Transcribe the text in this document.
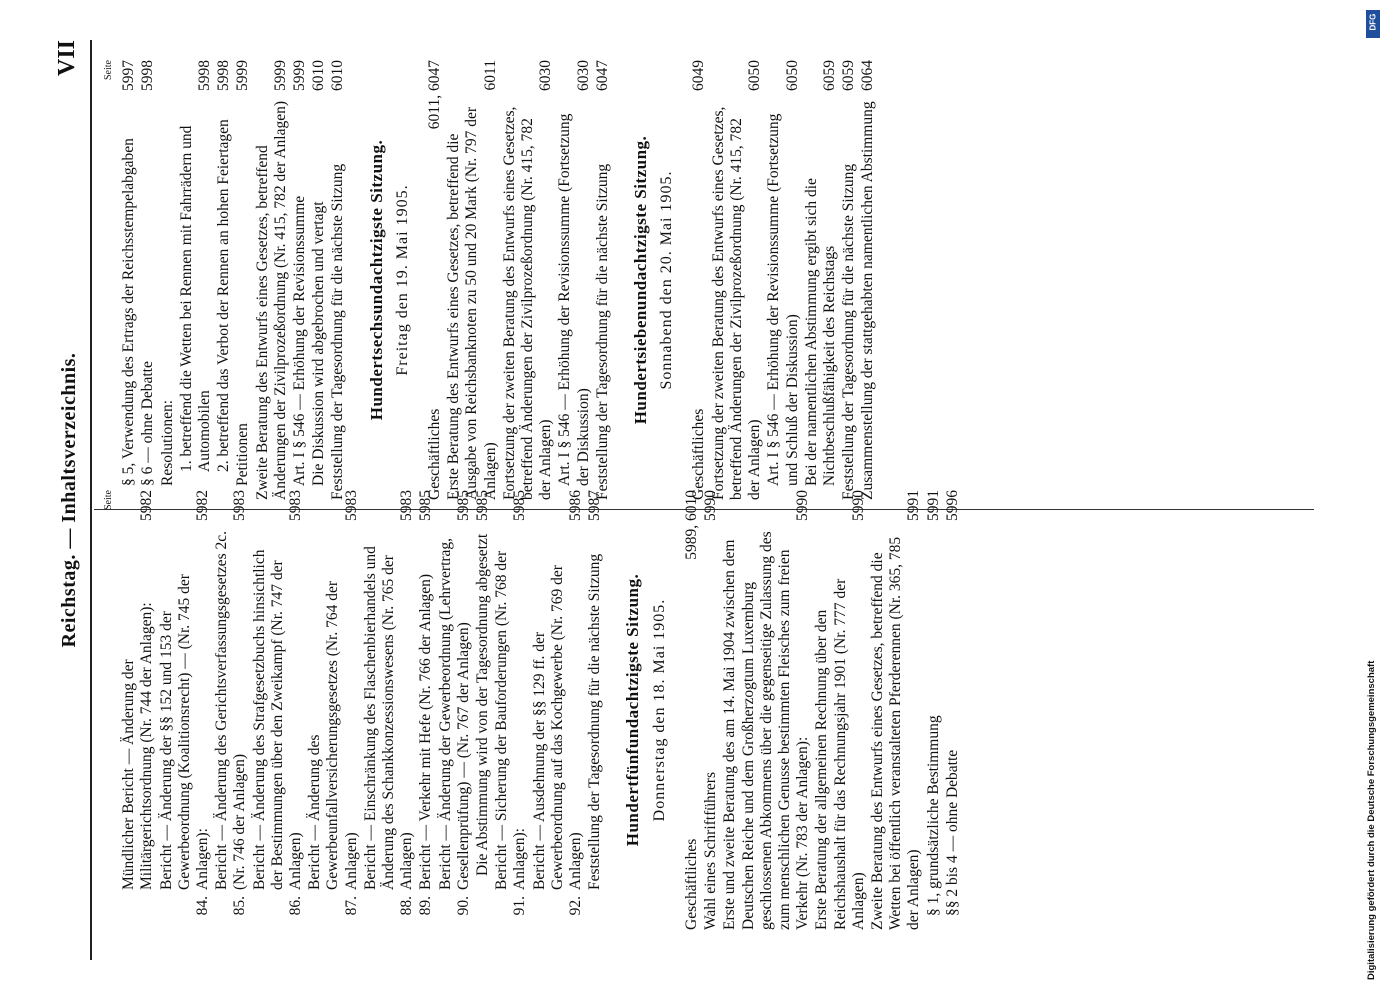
Reichstag. — Inhaltsverzeichnis.
VII
Seite
Mündlicher Bericht — Änderung der Militärgerichtsordnung (Nr. 744 der Anlagen):
5982
84.
Bericht — Änderung der §§ 152 und 153 der Gewerbeordnung (Koalitionsrecht) — (Nr. 745 der Anlagen):
5982
85.
Bericht — Änderung des Gerichtsverfassungsgesetzes 2c. (Nr. 746 der Anlagen)
5983
86.
Bericht — Änderung des Strafgesetzbuchs hinsichtlich der Bestimmungen über den Zweikampf (Nr. 747 der Anlagen)
5983
87.
Bericht — Änderung des Gewerbeunfallversicherungsgesetzes (Nr. 764 der Anlagen)
5983
88.
Bericht — Einschränkung des Flaschenbierhandels und Änderung des Schankkonzessionswesens (Nr. 765 der Anlagen)
5983
89.
Bericht — Verkehr mit Hefe (Nr. 766 der Anlagen)
5985
90.
Bericht — Änderung der Gewerbeordnung (Lehrvertrag, Gesellenprüfung) — (Nr. 767 der Anlagen)
5985
Die Abstimmung wird von der Tagesordnung abgesetzt
5985
91.
Bericht — Sicherung der Bauforderungen (Nr. 768 der Anlagen):
5985
92.
Bericht — Ausdehnung der §§ 129 ff. der Gewerbeordnung auf das Kochgewerbe (Nr. 769 der Anlagen)
5986
Feststellung der Tagesordnung für die nächste Sitzung
5987
Hundertfünfundachtzigste Sitzung. Donnerstag den 18. Mai 1905.
Geschäftliches
5989, 6010
Wahl eines Schriftführers
5990
Erste und zweite Beratung des am 14. Mai 1904 zwischen dem Deutschen Reiche und dem Großherzogtum Luxemburg geschlossenen Abkommens über die gegenseitige Zulassung des zum menschlichen Genusse bestimmten Fleisches zum freien Verkehr (Nr. 783 der Anlagen):
5990
Erste Beratung der allgemeinen Rechnung über den Reichshaushalt für das Rechnungsjahr 1901 (Nr. 777 der Anlagen)
5990
Zweite Beratung des Entwurfs eines Gesetzes, betreffend die Wetten bei öffentlich veranstalteten Pferderennen (Nr. 365, 785 der Anlagen)
5991
§ 1, grundsätzliche Bestimmung
5991
§§ 2 bis 4 — ohne Debatte
5996
Seite
§ 5, Verwendung des Ertrags der Reichsstempelabgaben
5997
§ 6 — ohne Debatte
5998
Resolutionen: 1. betreffend die Wetten bei Rennen mit Fahrrädern und Automobilen
5998
2. betreffend das Verbot der Rennen an hohen Feiertagen
5998
Petitionen
5999
Zweite Beratung des Entwurfs eines Gesetzes, betreffend Änderungen der Zivilprozeßordnung (Nr. 415, 782 der Anlagen)
5999
Art. I § 546 — Erhöhung der Revisionssumme
5999
Die Diskussion wird abgebrochen und vertagt
6010
Feststellung der Tagesordnung für die nächste Sitzung
6010
Hundertsechsundachtzigste Sitzung. Freitag den 19. Mai 1905.
Geschäftliches
6011, 6047
Erste Beratung des Entwurfs eines Gesetzes, betreffend die Ausgabe von Reichsbanknoten zu 50 und 20 Mark (Nr. 797 der Anlagen)
6011
Fortsetzung der zweiten Beratung des Entwurfs eines Gesetzes, betreffend Änderungen der Zivilprozeßordnung (Nr. 415, 782 der Anlagen)
6030
Art. I § 546 — Erhöhung der Revisionssumme (Fortsetzung der Diskussion)
6030
Feststellung der Tagesordnung für die nächste Sitzung
6047
Hundertsiebenundachtzigste Sitzung. Sonnabend den 20. Mai 1905.
Geschäftliches
6049
Fortsetzung der zweiten Beratung des Entwurfs eines Gesetzes, betreffend Änderungen der Zivilprozeßordnung (Nr. 415, 782 der Anlagen)
6050
Art. I § 546 — Erhöhung der Revisionssumme (Fortsetzung und Schluß der Diskussion)
6050
Bei der namentlichen Abstimmung ergibt sich die Nichtbeschlußfähigkeit des Reichstags
6059
Feststellung der Tagesordnung für die nächste Sitzung
6059
Zusammenstellung der stattgehabten namentlichen Abstimmung
6064
Digitalisierung gefördert durch die Deutsche Forschungsgemeinschaft
DFG
